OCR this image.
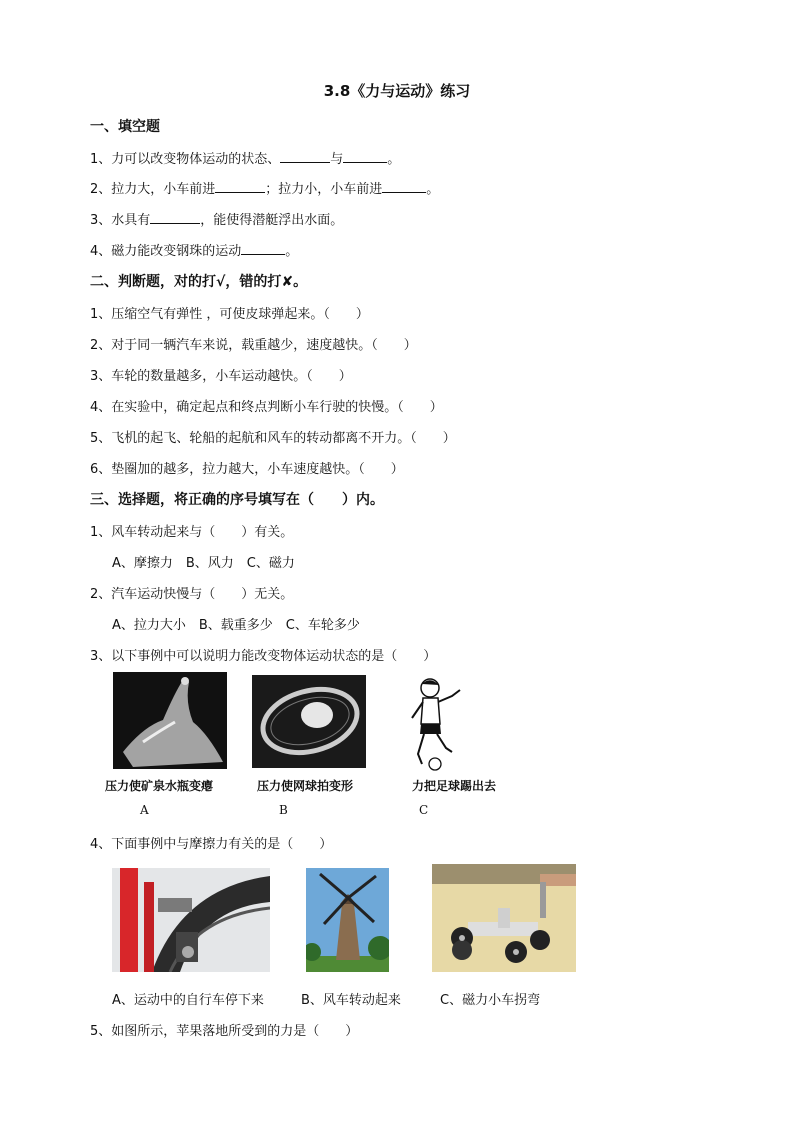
3.8《力与运动》练习
一、填空题
1、力可以改变物体运动的状态、	与	。
2、拉力大，小车前进	；拉力小，小车前进	。
3、水具有	，能使得潜艇浮出水面。
4、磁力能改变钢珠的运动	。
二、判断题，对的打√，错的打✘。
1、压缩空气有弹性 ，可使皮球弹起来。（　　）
2、对于同一辆汽车来说，载重越少，速度越快。（　　）
3、车轮的数量越多，小车运动越快。（　　）
4、在实验中，确定起点和终点判断小车行驶的快慢。（　　）
5、飞机的起飞、轮船的起航和风车的转动都离不开力。（　　）
6、垫圈加的越多，拉力越大，小车速度越快。（　　）
三、选择题，将正确的序号填写在（　　）内。
1、风车转动起来与（　　）有关。
A、摩擦力　B、风力　C、磁力
2、汽车运动快慢与（　　）无关。
A、拉力大小　B、载重多少　C、车轮多少
3、以下事例中可以说明力能改变物体运动状态的是（　　）
压力使矿泉水瓶变瘪	压力使网球拍变形	力把足球踢出去
A	B	C
4、下面事例中与摩擦力有关的是（　　）
A、运动中的自行车停下来	B、风车转动起来	C、磁力小车拐弯
5、如图所示，苹果落地所受到的力是（　　）
